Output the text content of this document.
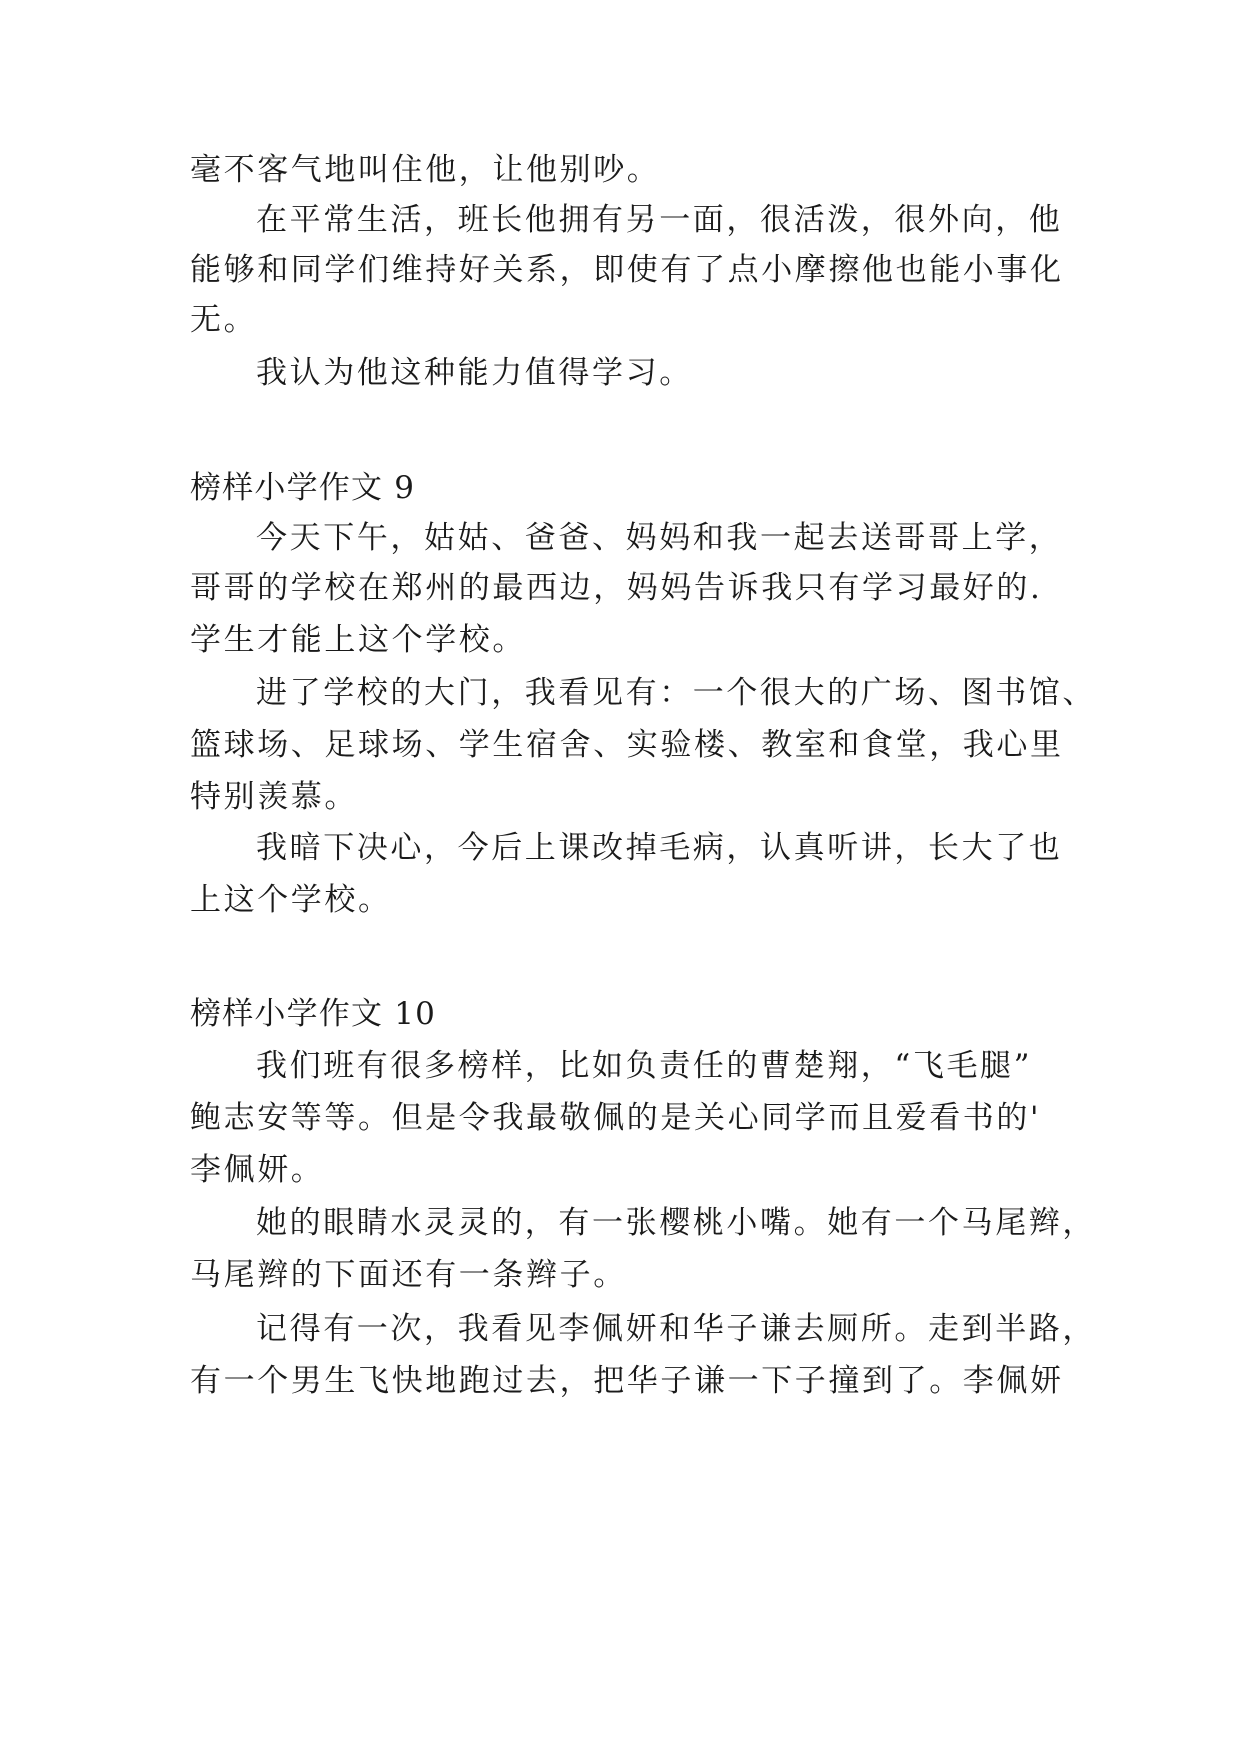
毫不客气地叫住他，让他别吵。
在平常生活，班长他拥有另一面，很活泼，很外向，他
能够和同学们维持好关系，即使有了点小摩擦他也能小事化
无。
我认为他这种能力值得学习。
榜样小学作文 9
今天下午，姑姑、爸爸、妈妈和我一起去送哥哥上学，
哥哥的学校在郑州的最西边，妈妈告诉我只有学习最好的.
学生才能上这个学校。
进了学校的大门，我看见有：一个很大的广场、图书馆、
篮球场、足球场、学生宿舍、实验楼、教室和食堂，我心里
特别羡慕。
我暗下决心，今后上课改掉毛病，认真听讲，长大了也
上这个学校。
榜样小学作文 10
我们班有很多榜样，比如负责任的曹楚翔，“飞毛腿”
鲍志安等等。但是令我最敬佩的是关心同学而且爱看书的'
李佩妍。
她的眼睛水灵灵的，有一张樱桃小嘴。她有一个马尾辫，
马尾辫的下面还有一条辫子。
记得有一次，我看见李佩妍和华子谦去厕所。走到半路，
有一个男生飞快地跑过去，把华子谦一下子撞到了。李佩妍
